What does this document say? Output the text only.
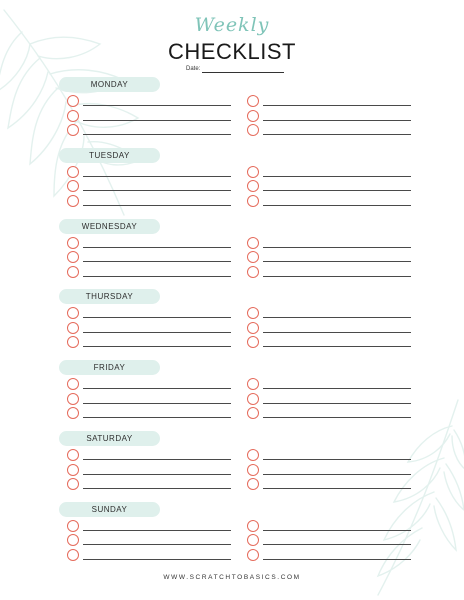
Weekly
CHECKLIST
Date:
MONDAY
TUESDAY
WEDNESDAY
THURSDAY
FRIDAY
SATURDAY
SUNDAY
WWW.SCRATCHTOBASICS.COM
